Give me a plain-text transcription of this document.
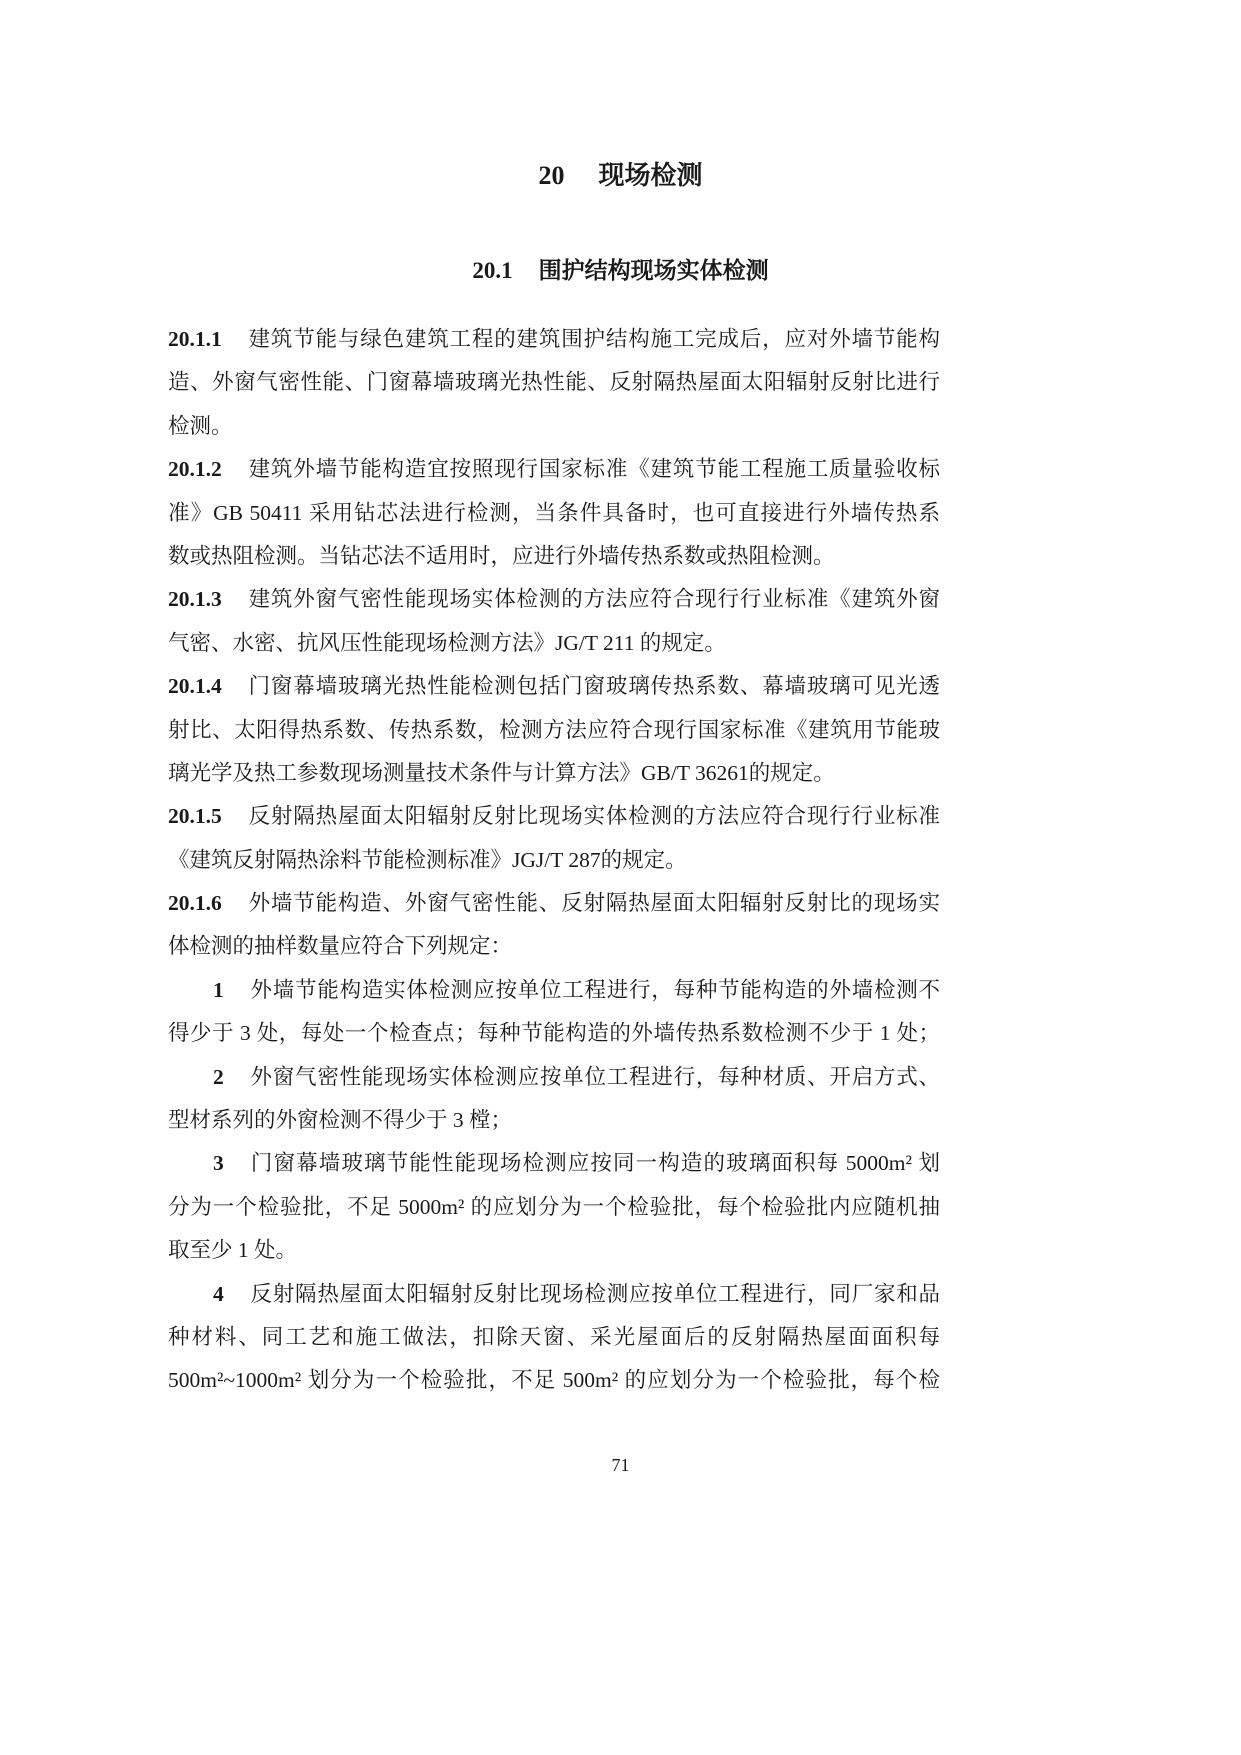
20 现场检测
20.1 围护结构现场实体检测
20.1.1 建筑节能与绿色建筑工程的建筑围护结构施工完成后，应对外墙节能构
造、外窗气密性能、门窗幕墙玻璃光热性能、反射隔热屋面太阳辐射反射比进行
检测。
20.1.2 建筑外墙节能构造宜按照现行国家标准《建筑节能工程施工质量验收标
准》GB 50411 采用钻芯法进行检测，当条件具备时，也可直接进行外墙传热系
数或热阻检测。当钻芯法不适用时，应进行外墙传热系数或热阻检测。
20.1.3 建筑外窗气密性能现场实体检测的方法应符合现行行业标准《建筑外窗
气密、水密、抗风压性能现场检测方法》JG/T 211 的规定。
20.1.4 门窗幕墙玻璃光热性能检测包括门窗玻璃传热系数、幕墙玻璃可见光透
射比、太阳得热系数、传热系数，检测方法应符合现行国家标准《建筑用节能玻
璃光学及热工参数现场测量技术条件与计算方法》GB/T 36261的规定。
20.1.5 反射隔热屋面太阳辐射反射比现场实体检测的方法应符合现行行业标准
《建筑反射隔热涂料节能检测标准》JGJ/T 287的规定。
20.1.6 外墙节能构造、外窗气密性能、反射隔热屋面太阳辐射反射比的现场实
体检测的抽样数量应符合下列规定：
1 外墙节能构造实体检测应按单位工程进行，每种节能构造的外墙检测不
得少于 3 处，每处一个检查点；每种节能构造的外墙传热系数检测不少于 1 处；
2 外窗气密性能现场实体检测应按单位工程进行，每种材质、开启方式、
型材系列的外窗检测不得少于 3 樘；
3 门窗幕墙玻璃节能性能现场检测应按同一构造的玻璃面积每 5000m² 划
分为一个检验批，不足 5000m² 的应划分为一个检验批，每个检验批内应随机抽
取至少 1 处。
4 反射隔热屋面太阳辐射反射比现场检测应按单位工程进行，同厂家和品
种材料、同工艺和施工做法，扣除天窗、采光屋面后的反射隔热屋面面积每
500m²~1000m² 划分为一个检验批，不足 500m² 的应划分为一个检验批，每个检
71
